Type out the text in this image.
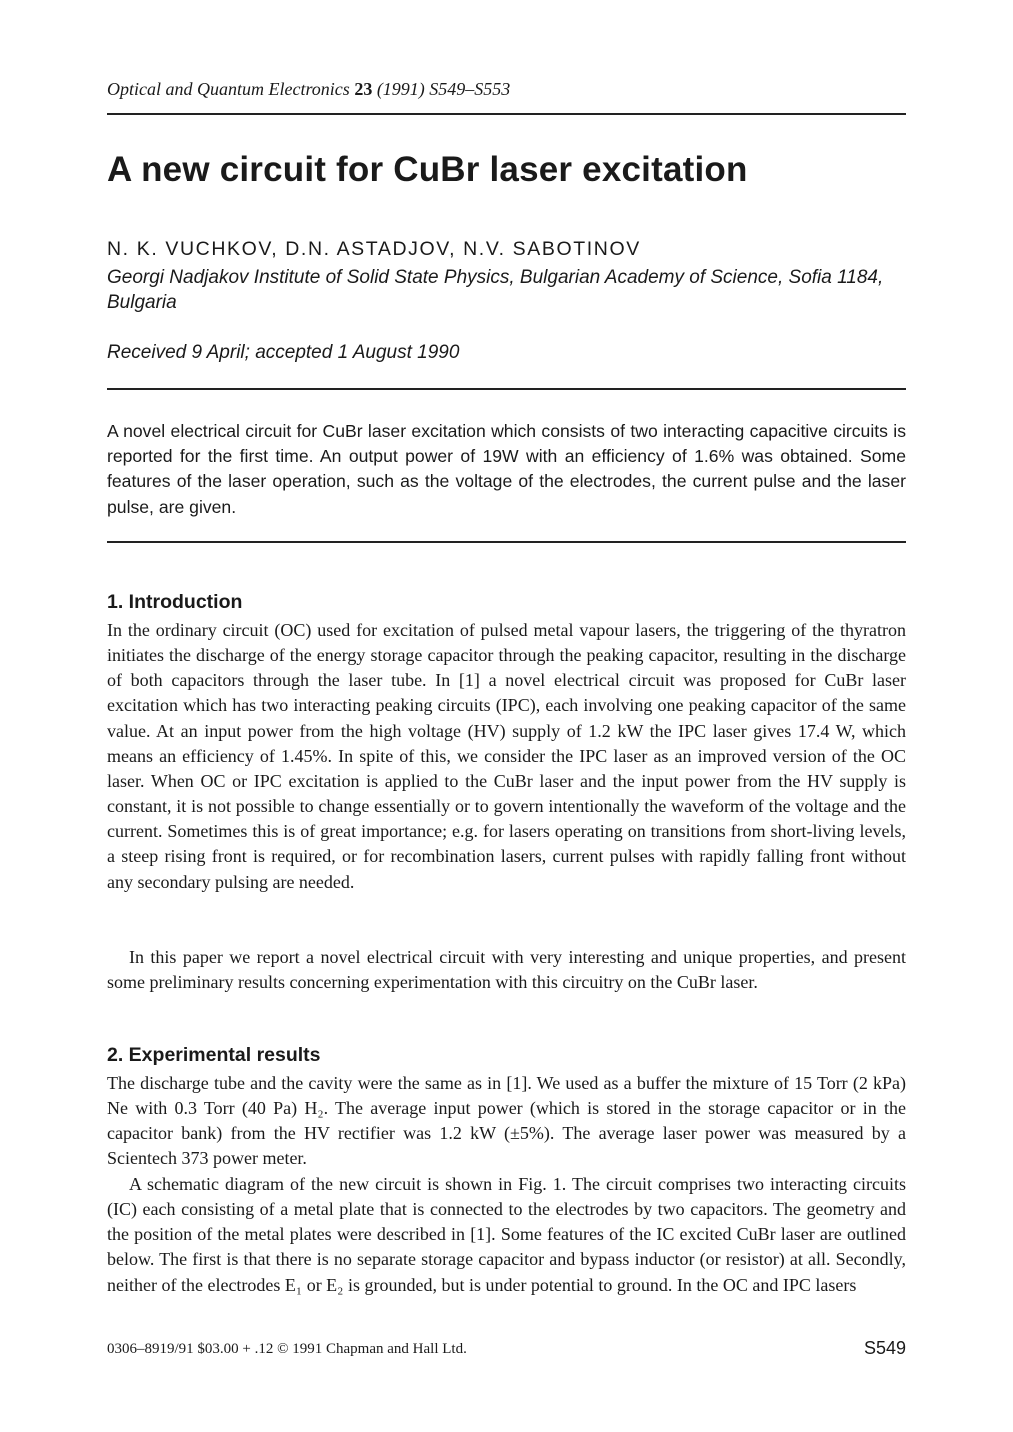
Optical and Quantum Electronics 23 (1991) S549–S553
A new circuit for CuBr laser excitation
N. K. VUCHKOV, D.N. ASTADJOV, N.V. SABOTINOV
Georgi Nadjakov Institute of Solid State Physics, Bulgarian Academy of Science, Sofia 1184, Bulgaria
Received 9 April; accepted 1 August 1990

A novel electrical circuit for CuBr laser excitation which consists of two interacting capacitive circuits is reported for the first time. An output power of 19W with an efficiency of 1.6% was obtained. Some features of the laser operation, such as the voltage of the electrodes, the current pulse and the laser pulse, are given.

1. Introduction

In the ordinary circuit (OC) used for excitation of pulsed metal vapour lasers, the triggering of the thyratron initiates the discharge of the energy storage capacitor through the peaking capacitor, resulting in the discharge of both capacitors through the laser tube. In [1] a novel electrical circuit was proposed for CuBr laser excitation which has two interacting peaking circuits (IPC), each involving one peaking capacitor of the same value. At an input power from the high voltage (HV) supply of 1.2 kW the IPC laser gives 17.4 W, which means an efficiency of 1.45%. In spite of this, we consider the IPC laser as an improved version of the OC laser. When OC or IPC excitation is applied to the CuBr laser and the input power from the HV supply is constant, it is not possible to change essentially or to govern intentionally the waveform of the voltage and the current. Sometimes this is of great importance; e.g. for lasers operating on transitions from short-living levels, a steep rising front is required, or for recombination lasers, current pulses with rapidly falling front without any secondary pulsing are needed.

In this paper we report a novel electrical circuit with very interesting and unique properties, and present some preliminary results concerning experimentation with this circuitry on the CuBr laser.

2. Experimental results

The discharge tube and the cavity were the same as in [1]. We used as a buffer the mixture of 15 Torr (2 kPa) Ne with 0.3 Torr (40 Pa) H₂. The average input power (which is stored in the storage capacitor or in the capacitor bank) from the HV rectifier was 1.2 kW (±5%). The average laser power was measured by a Scientech 373 power meter.

A schematic diagram of the new circuit is shown in Fig. 1. The circuit comprises two interacting circuits (IC) each consisting of a metal plate that is connected to the electrodes by two capacitors. The geometry and the position of the metal plates were described in [1]. Some features of the IC excited CuBr laser are outlined below. The first is that there is no separate storage capacitor and bypass inductor (or resistor) at all. Secondly, neither of the electrodes E₁ or E₂ is grounded, but is under potential to ground. In the OC and IPC lasers

0306–8919/91 $03.00 + .12 © 1991 Chapman and Hall Ltd.	S549
